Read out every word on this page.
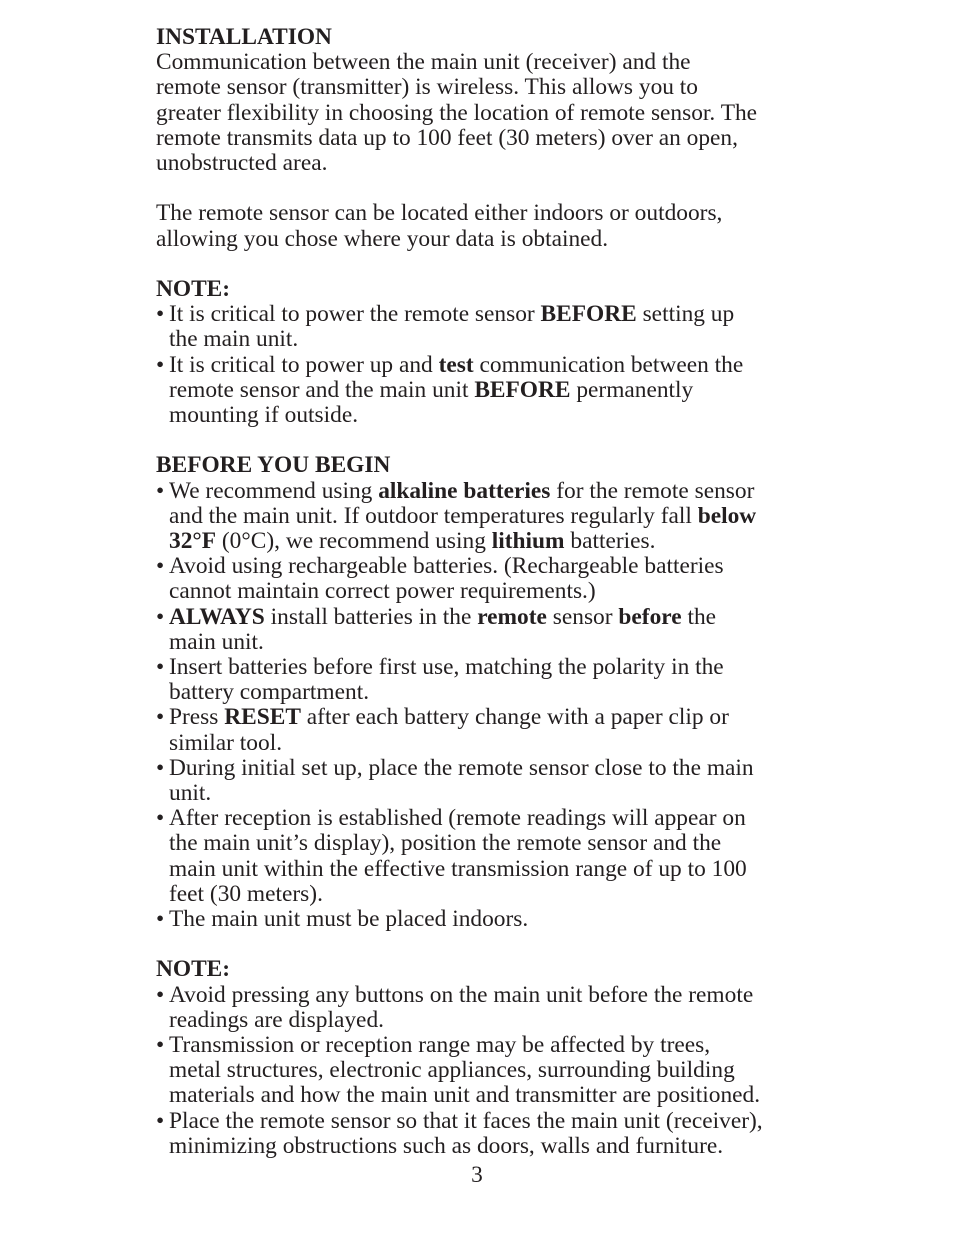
INSTALLATION

Communication between the main unit (receiver) and the
remote sensor (transmitter) is wireless. This allows you to
greater flexibility in choosing the location of remote sensor. The
remote transmits data up to 100 feet (30 meters) over an open,
unobstructed area.

The remote sensor can be located either indoors or outdoors,
allowing you chose where your data is obtained.

NOTE:

• It is critical to power the remote sensor BEFORE setting up
the main unit.
• It is critical to power up and test communication between the
remote sensor and the main unit BEFORE permanently
mounting if outside.

BEFORE YOU BEGIN

• We recommend using alkaline batteries for the remote sensor
and the main unit. If outdoor temperatures regularly fall below
32°F (0°C), we recommend using lithium batteries.
• Avoid using rechargeable batteries. (Rechargeable batteries
cannot maintain correct power requirements.)
• ALWAYS install batteries in the remote sensor before the
main unit.
• Insert batteries before first use, matching the polarity in the
battery compartment.
• Press RESET after each battery change with a paper clip or
similar tool.
• During initial set up, place the remote sensor close to the main
unit.
• After reception is established (remote readings will appear on
the main unit’s display), position the remote sensor and the
main unit within the effective transmission range of up to 100
feet (30 meters).
• The main unit must be placed indoors.

NOTE:

• Avoid pressing any buttons on the main unit before the remote
readings are displayed.
• Transmission or reception range may be affected by trees,
metal structures, electronic appliances, surrounding building
materials and how the main unit and transmitter are positioned.
• Place the remote sensor so that it faces the main unit (receiver),
minimizing obstructions such as doors, walls and furniture.
3
